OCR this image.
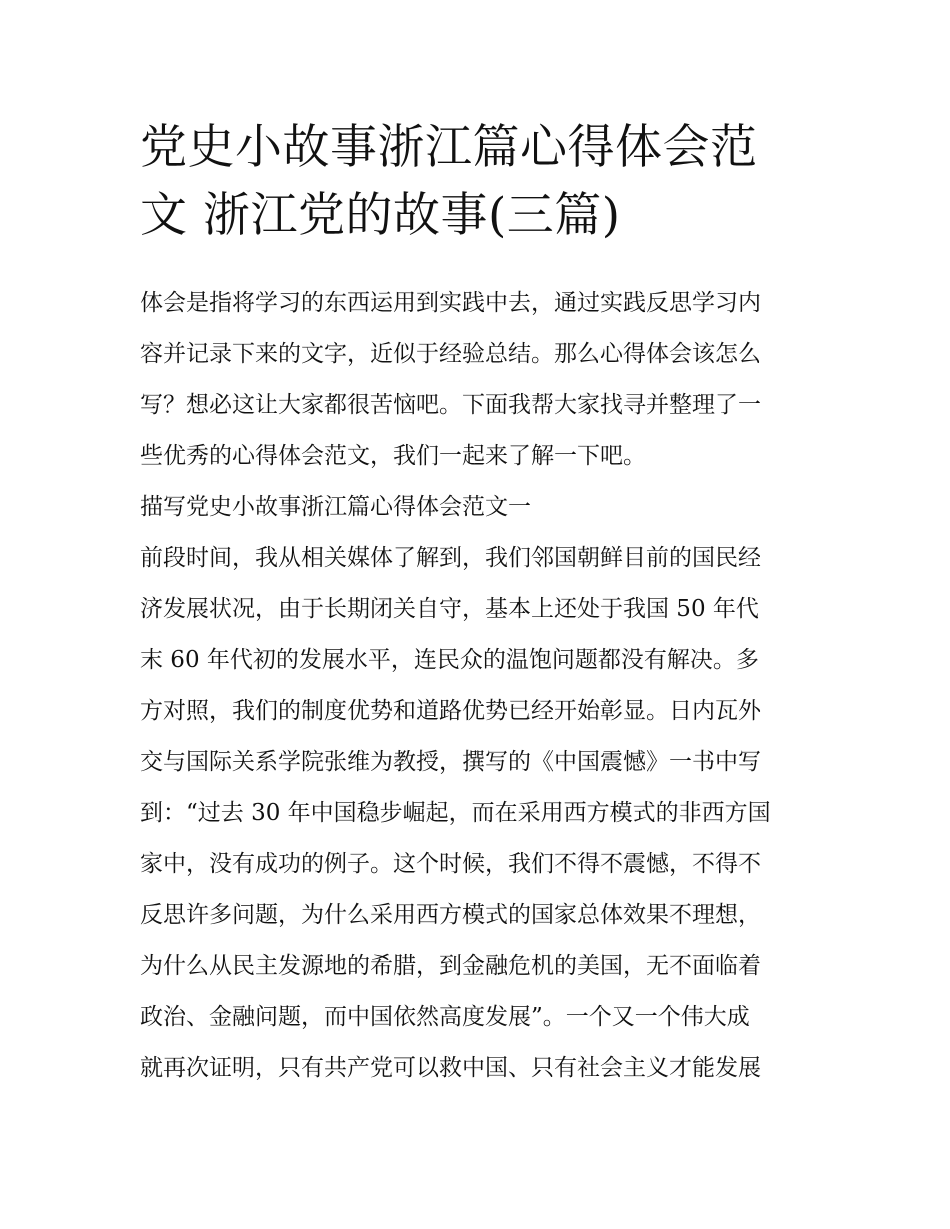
党史小故事浙江篇心得体会范
文 浙江党的故事(三篇)

体会是指将学习的东西运用到实践中去，通过实践反思学习内

容并记录下来的文字，近似于经验总结。那么心得体会该怎么

写？想必这让大家都很苦恼吧。下面我帮大家找寻并整理了一

些优秀的心得体会范文，我们一起来了解一下吧。

描写党史小故事浙江篇心得体会范文一

前段时间，我从相关媒体了解到，我们邻国朝鲜目前的国民经

济发展状况，由于长期闭关自守，基本上还处于我国 50 年代

末 60 年代初的发展水平，连民众的温饱问题都没有解决。多

方对照，我们的制度优势和道路优势已经开始彰显。日内瓦外

交与国际关系学院张维为教授，撰写的《中国震憾》一书中写

到：“过去 30 年中国稳步崛起，而在采用西方模式的非西方国

家中，没有成功的例子。这个时候，我们不得不震憾，不得不

反思许多问题，为什么采用西方模式的国家总体效果不理想，

为什么从民主发源地的希腊，到金融危机的美国，无不面临着

政治、金融问题，而中国依然高度发展”。一个又一个伟大成

就再次证明，只有共产党可以救中国、只有社会主义才能发展
